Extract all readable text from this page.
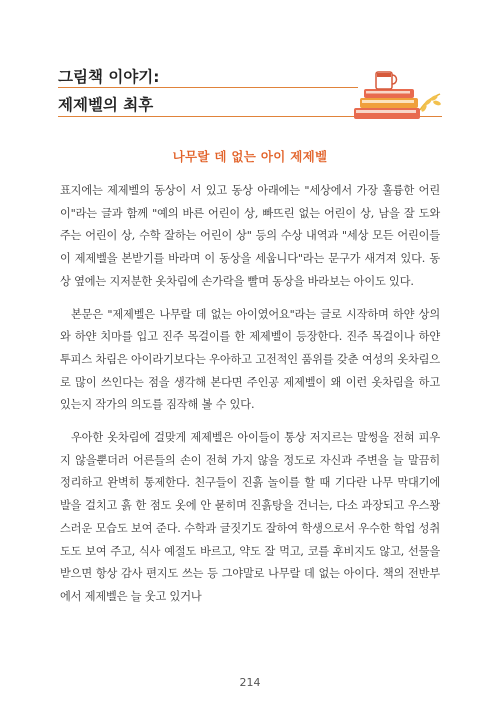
그림책 이야기:
제제벨의 최후
나무랄 데 없는 아이 제제벨

표지에는 제제벨의 동상이 서 있고 동상 아래에는 "세상에서 가장 훌륭한 어린이"라는 글과 함께 "예의 바른 어린이 상, 빠뜨린 없는 어린이 상, 남을 잘 도와주는 어린이 상, 수학 잘하는 어린이 상" 등의 수상 내역과 "세상 모든 어린이들이 제제벨을 본받기를 바라며 이 동상을 세웁니다"라는 문구가 새겨져 있다. 동상 옆에는 지저분한 옷차림에 손가락을 빨며 동상을 바라보는 아이도 있다.

본문은 "제제벨은 나무랄 데 없는 아이였어요"라는 글로 시작하며 하얀 상의와 하얀 치마를 입고 진주 목걸이를 한 제제벨이 등장한다. 진주 목걸이나 하얀 투피스 차림은 아이라기보다는 우아하고 고전적인 품위를 갖춘 여성의 옷차림으로 많이 쓰인다는 점을 생각해 본다면 주인공 제제벨이 왜 이런 옷차림을 하고 있는지 작가의 의도를 짐작해 볼 수 있다.

우아한 옷차림에 걸맞게 제제벨은 아이들이 통상 저지르는 말썽을 전혀 피우지 않을뿐더러 어른들의 손이 전혀 가지 않을 정도로 자신과 주변을 늘 말끔히 정리하고 완벽히 통제한다. 친구들이 진흙 놀이를 할 때 기다란 나무 막대기에 발을 걸치고 흙 한 점도 옷에 안 묻히며 진흙탕을 건너는, 다소 과장되고 우스꽝스러운 모습도 보여 준다. 수학과 글짓기도 잘하여 학생으로서 우수한 학업 성취도도 보여 주고, 식사 예절도 바르고, 약도 잘 먹고, 코를 후비지도 않고, 선물을 받으면 항상 감사 편지도 쓰는 등 그야말로 나무랄 데 없는 아이다. 책의 전반부에서 제제벨은 늘 웃고 있거나

214
